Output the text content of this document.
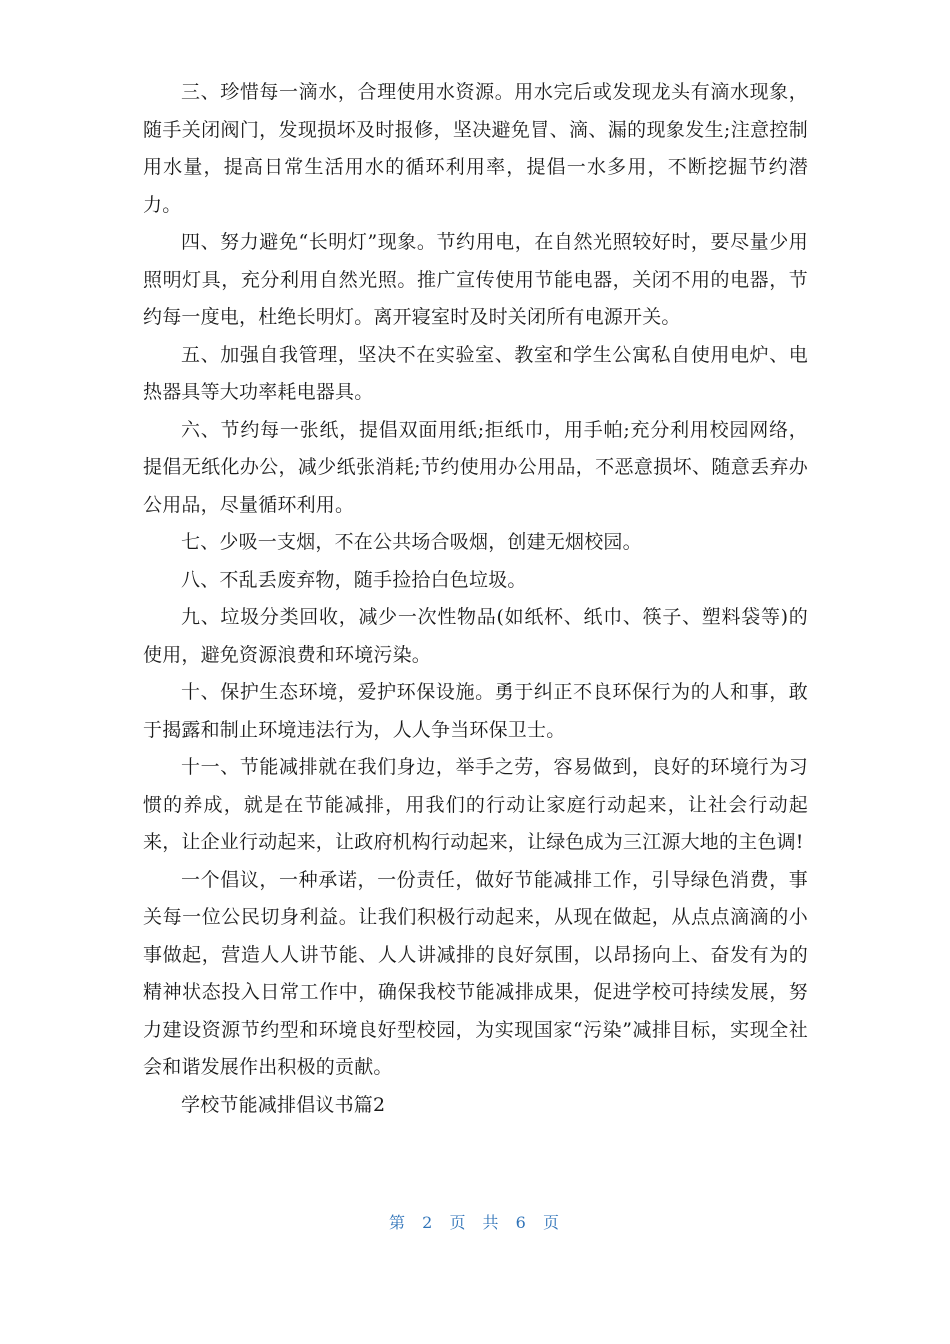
三、珍惜每一滴水，合理使用水资源。用水完后或发现龙头有滴水现象，随手关闭阀门，发现损坏及时报修，坚决避免冒、滴、漏的现象发生;注意控制用水量，提高日常生活用水的循环利用率，提倡一水多用，不断挖掘节约潜力。

四、努力避免“长明灯”现象。节约用电，在自然光照较好时，要尽量少用照明灯具，充分利用自然光照。推广宣传使用节能电器，关闭不用的电器，节约每一度电，杜绝长明灯。离开寝室时及时关闭所有电源开关。

五、加强自我管理，坚决不在实验室、教室和学生公寓私自使用电炉、电热器具等大功率耗电器具。

六、节约每一张纸，提倡双面用纸;拒纸巾，用手帕;充分利用校园网络，提倡无纸化办公，减少纸张消耗;节约使用办公用品，不恶意损坏、随意丢弃办公用品，尽量循环利用。

七、少吸一支烟，不在公共场合吸烟，创建无烟校园。

八、不乱丢废弃物，随手捡拾白色垃圾。

九、垃圾分类回收，减少一次性物品(如纸杯、纸巾、筷子、塑料袋等)的使用，避免资源浪费和环境污染。

十、保护生态环境，爱护环保设施。勇于纠正不良环保行为的人和事，敢于揭露和制止环境违法行为，人人争当环保卫士。

十一、节能减排就在我们身边，举手之劳，容易做到，良好的环境行为习惯的养成，就是在节能减排，用我们的行动让家庭行动起来，让社会行动起来，让企业行动起来，让政府机构行动起来，让绿色成为三江源大地的主色调!

一个倡议，一种承诺，一份责任，做好节能减排工作，引导绿色消费，事关每一位公民切身利益。让我们积极行动起来，从现在做起，从点点滴滴的小事做起，营造人人讲节能、人人讲减排的良好氛围，以昂扬向上、奋发有为的精神状态投入日常工作中，确保我校节能减排成果，促进学校可持续发展，努力建设资源节约型和环境良好型校园，为实现国家“污染”减排目标，实现全社会和谐发展作出积极的贡献。

学校节能减排倡议书篇2

第 2 页 共 6 页
